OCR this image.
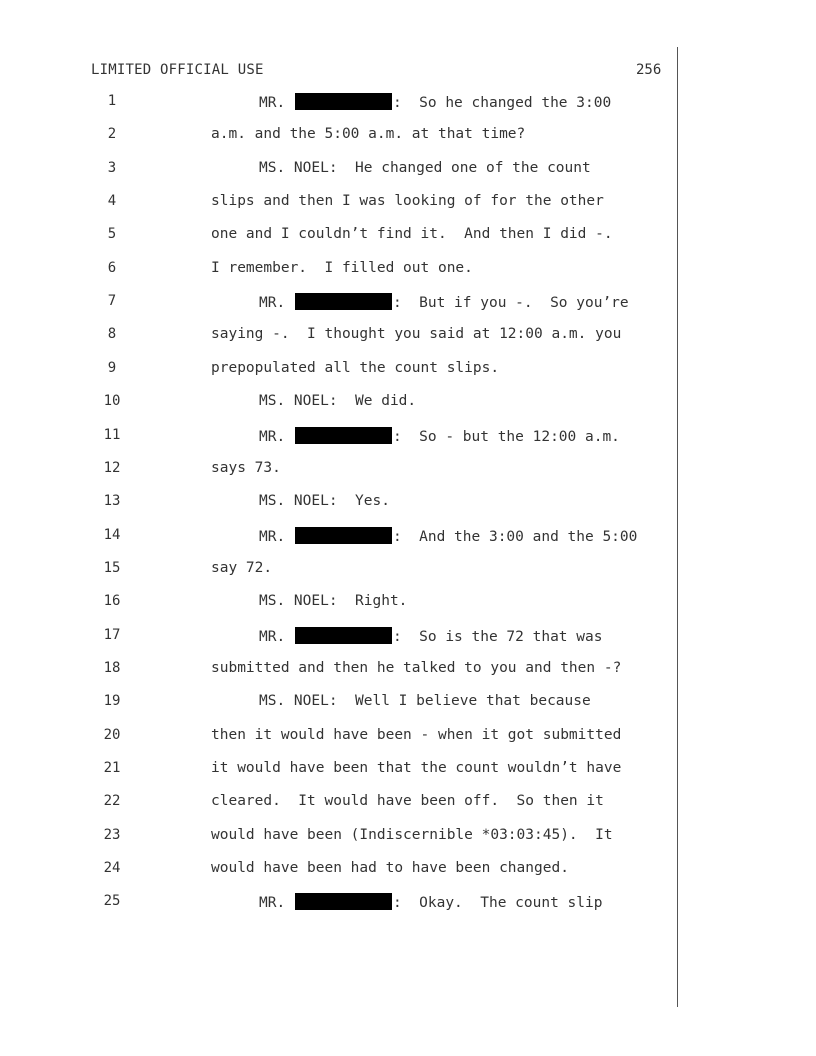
LIMITED OFFICIAL USE	256
1	MR.	:  So he changed the 3:00
2	a.m. and the 5:00 a.m. at that time?
3	MS. NOEL:  He changed one of the count
4	slips and then I was looking of for the other
5	one and I couldn’t find it.  And then I did -.
6	I remember.  I filled out one.
7	MR.	:  But if you -.  So you’re
8	saying -.  I thought you said at 12:00 a.m. you
9	prepopulated all the count slips.
10	MS. NOEL:  We did.
11	MR.	:  So - but the 12:00 a.m.
12	says 73.
13	MS. NOEL:  Yes.
14	MR.	:  And the 3:00 and the 5:00
15	say 72.
16	MS. NOEL:  Right.
17	MR.	:  So is the 72 that was
18	submitted and then he talked to you and then -?
19	MS. NOEL:  Well I believe that because
20	then it would have been - when it got submitted
21	it would have been that the count wouldn’t have
22	cleared.  It would have been off.  So then it
23	would have been (Indiscernible *03:03:45).  It
24	would have been had to have been changed.
25	MR.	:  Okay.  The count slip
